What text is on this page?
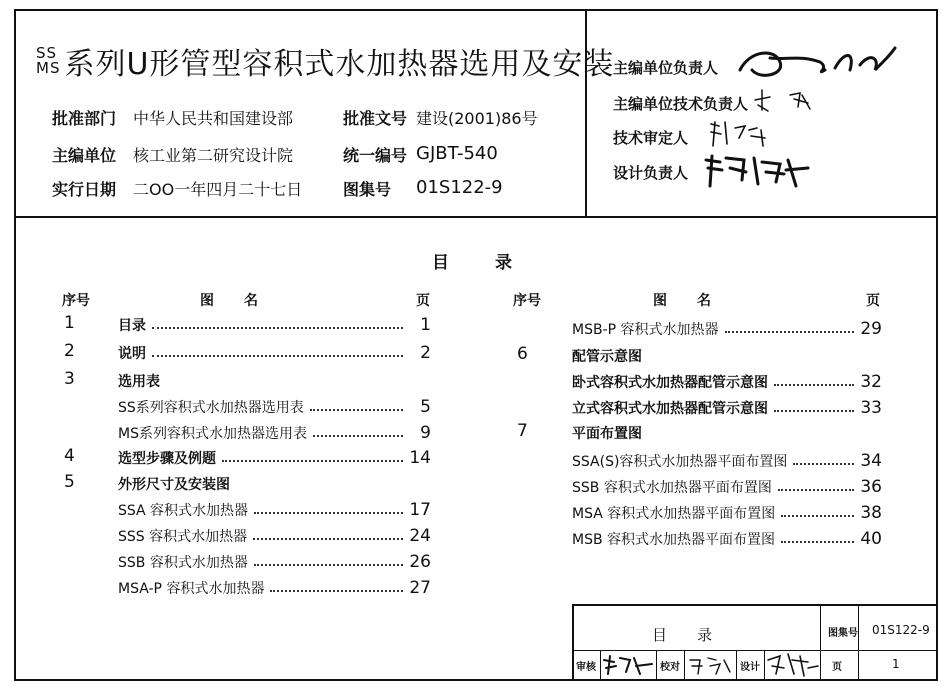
SS
MS 系列U形管型容积式水加热器选用及安装
批准部门 中华人民共和国建设部	批准文号 建设(2001)86号
主编单位 核工业第二研究设计院	统一编号 GJBT-540
实行日期 二OO一年四月二十七日	图集号 01S122-9
主编单位负责人
主编单位技术负责人
技术审定人
设计负责人
目录
序号	图　名	页	序号	图　名	页
1	目录	1
2	说明	2
3	选用表
SS系列容积式水加热器选用表	5
MS系列容积式水加热器选用表	9
4	选型步骤及例题	14
5	外形尺寸及安装图
SSA 容积式水加热器	17
SSS 容积式水加热器	24
SSB 容积式水加热器	26
MSA-P 容积式水加热器	27
MSB-P 容积式水加热器	29
6	配管示意图
卧式容积式水加热器配管示意图	32
立式容积式水加热器配管示意图	33
7	平面布置图
SSA(S)容积式水加热器平面布置图	34
SSB 容积式水加热器平面布置图	36
MSA 容积式水加热器平面布置图	38
MSB 容积式水加热器平面布置图	40
目录	图集号 01S122-9
审核	校对	设计	页	1
